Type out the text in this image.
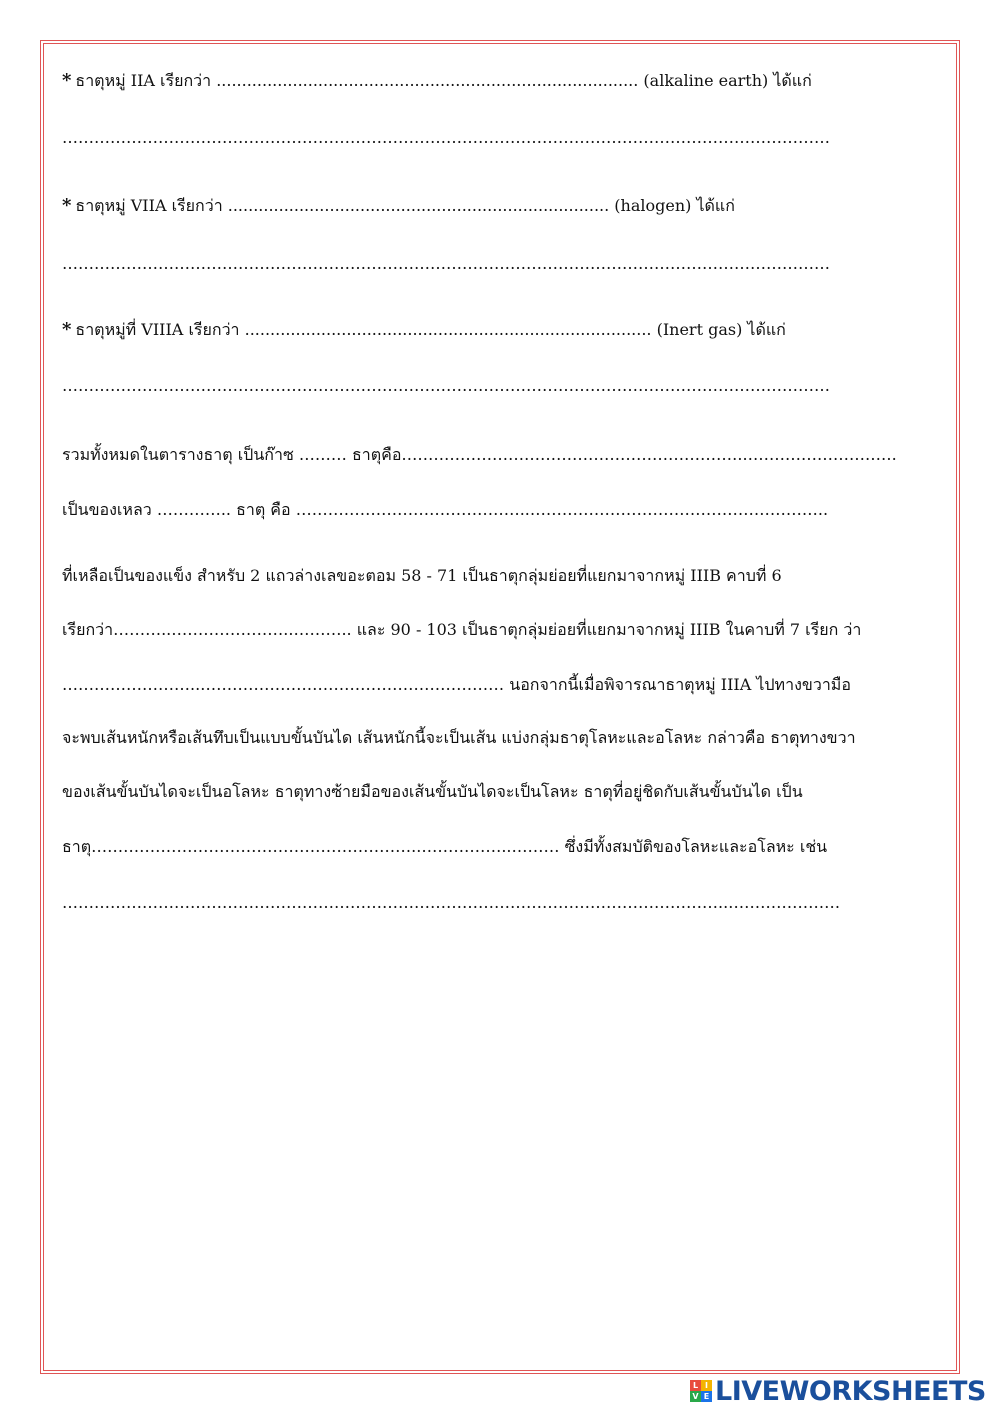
* ธาตุหมู่ IIA เรียกว่า ................................................................................... (alkaline earth) ได้แก่
………………………………………………………………………………………………………………………………
* ธาตุหมู่ VIIA เรียกว่า ........................................................................... (halogen) ได้แก่
………………………………………………………………………………………………………………………………
* ธาตุหมู่ที่ VIIIA เรียกว่า ................................................................................ (Inert gas) ได้แก่
………………………………………………………………………………………………………………………………
รวมทั้งหมดในตารางธาตุ เป็นก๊าซ ……… ธาตุคือ………………………………………………………..……………………….
เป็นของเหลว ………….. ธาตุ คือ ……………………………………..………………………………………………..
ที่เหลือเป็นของแข็ง สำหรับ 2 แถวล่างเลขอะตอม 58 - 71 เป็นธาตุกลุ่มย่อยที่แยกมาจากหมู่ IIIB คาบที่ 6
เรียกว่า………..…………………..……….. และ 90 - 103 เป็นธาตุกลุ่มย่อยที่แยกมาจากหมู่ IIIB ในคาบที่ 7 เรียก ว่า
……………………..………………………………………………… นอกจากนี้เมื่อพิจารณาธาตุหมู่ IIIA ไปทางขวามือ
จะพบเส้นหนักหรือเส้นทึบเป็นแบบขั้นบันได เส้นหนักนี้จะเป็นเส้น แบ่งกลุ่มธาตุโลหะและอโลหะ กล่าวคือ ธาตุทางขวา
ของเส้นขั้นบันไดจะเป็นอโลหะ ธาตุทางซ้ายมือของเส้นขั้นบันไดจะเป็นโลหะ ธาตุที่อยู่ชิดกับเส้นขั้นบันได เป็น
ธาตุ……………………………………………………..……………..……… ซึ่งมีทั้งสมบัติของโลหะและอโลหะ เช่น
……………………………………………………………………………………………………………..…………………
L I
V E LIVEWORKSHEETS
